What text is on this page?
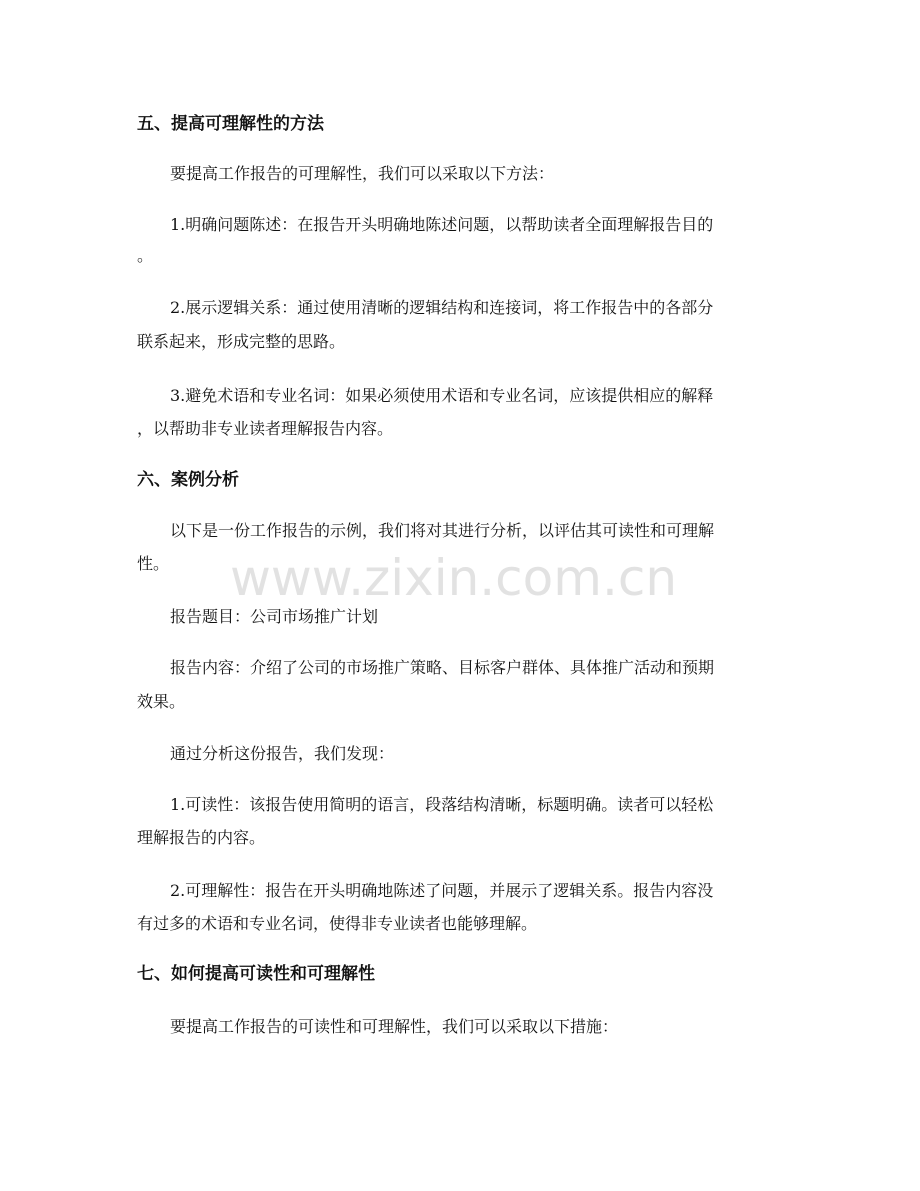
www.zixin.com.cn
五、提高可理解性的方法
要提高工作报告的可理解性，我们可以采取以下方法：
1.明确问题陈述：在报告开头明确地陈述问题，以帮助读者全面理解报告目的
。
2.展示逻辑关系：通过使用清晰的逻辑结构和连接词，将工作报告中的各部分
联系起来，形成完整的思路。
3.避免术语和专业名词：如果必须使用术语和专业名词，应该提供相应的解释
，以帮助非专业读者理解报告内容。
六、案例分析
以下是一份工作报告的示例，我们将对其进行分析，以评估其可读性和可理解
性。
报告题目：公司市场推广计划
报告内容：介绍了公司的市场推广策略、目标客户群体、具体推广活动和预期
效果。
通过分析这份报告，我们发现：
1.可读性：该报告使用简明的语言，段落结构清晰，标题明确。读者可以轻松
理解报告的内容。
2.可理解性：报告在开头明确地陈述了问题，并展示了逻辑关系。报告内容没
有过多的术语和专业名词，使得非专业读者也能够理解。
七、如何提高可读性和可理解性
要提高工作报告的可读性和可理解性，我们可以采取以下措施：
